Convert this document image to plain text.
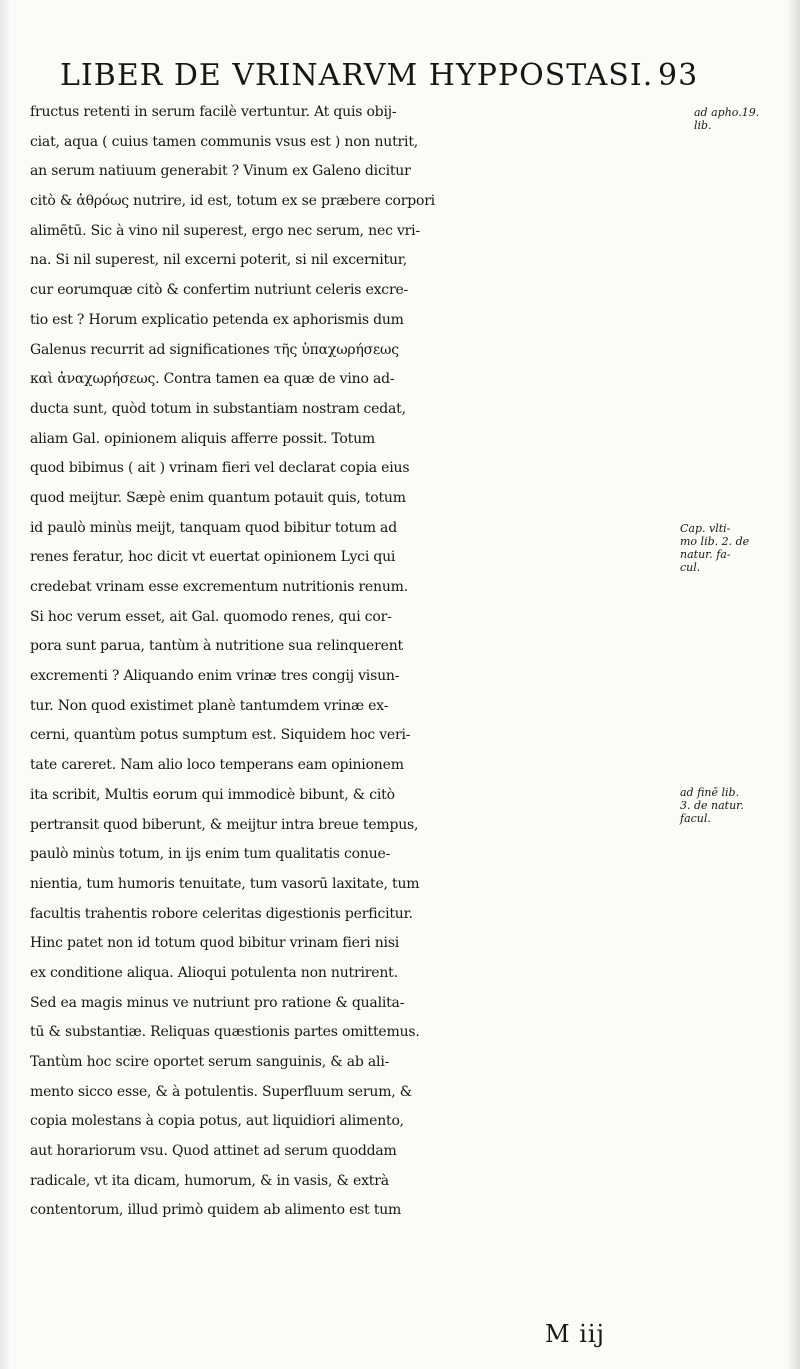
LIBER DE VRINARVM HYPPOSTASI. 93
fructus retenti in serum facilè vertuntur. At quis obij-
ciat, aqua ( cuius tamen communis vsus est ) non nutrit,
an serum natiuum generabit ? Vinum ex Galeno dicitur
citò & ἀθρόως nutrire, id est, totum ex se præbere corpori
alimētū. Sic à vino nil superest, ergo nec serum, nec vri-
na. Si nil superest, nil excerni poterit, si nil excernitur,
cur eorumquæ citò & confertim nutriunt celeris excre-
tio est ? Horum explicatio petenda ex aphorismis dum
Galenus recurrit ad significationes τῆς ὑπαχωρήσεως
καὶ ἀναχωρήσεως. Contra tamen ea quæ de vino ad-
ducta sunt, quòd totum in substantiam nostram cedat,
aliam Gal. opinionem aliquis afferre possit. Totum
quod bibimus ( ait ) vrinam fieri vel declarat copia eius
quod meijtur. Sæpè enim quantum potauit quis, totum
id paulò minùs meijt, tanquam quod bibitur totum ad
renes feratur, hoc dicit vt euertat opinionem Lyci qui
credebat vrinam esse excrementum nutritionis renum.
Si hoc verum esset, ait Gal. quomodo renes, qui cor-
pora sunt parua, tantùm à nutritione sua relinquerent
excrementi ? Aliquando enim vrinæ tres congij visun-
tur. Non quod existimet planè tantumdem vrinæ ex-
cerni, quantùm potus sumptum est. Siquidem hoc veri-
tate careret. Nam alio loco temperans eam opinionem
ita scribit, Multis eorum qui immodicè bibunt, & citò
pertransit quod biberunt, & meijtur intra breue tempus,
paulò minùs totum, in ijs enim tum qualitatis conue-
nientia, tum humoris tenuitate, tum vasorū laxitate, tum
facultis trahentis robore celeritas digestionis perficitur.
Hinc patet non id totum quod bibitur vrinam fieri nisi
ex conditione aliqua. Alioqui potulenta non nutrirent.
Sed ea magis minus ve nutriunt pro ratione & qualita-
tū & substantiæ. Reliquas quæstionis partes omittemus.
Tantùm hoc scire oportet serum sanguinis, & ab ali-
mento sicco esse, & à potulentis. Superfluum serum, &
copia molestans à copia potus, aut liquidiori alimento,
aut horariorum vsu. Quod attinet ad serum quoddam
radicale, vt ita dicam, humorum, & in vasis, & extrà
contentorum, illud primò quidem ab alimento est tum
ad apho.19.
lib.
Cap. vlti-
mo lib. 2. de
natur. fa-
cul.
ad finē lib.
3. de natur.
facul.
M iij
